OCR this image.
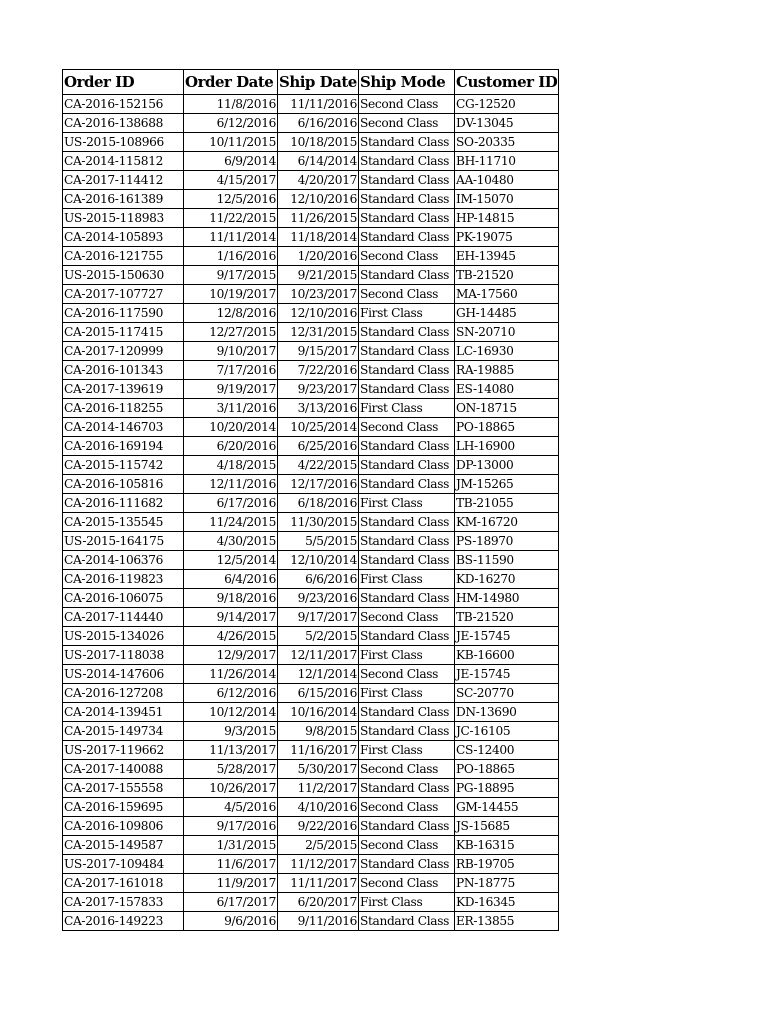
Order ID	Order Date	Ship Date	Ship Mode	Customer ID
CA-2016-152156	11/8/2016	11/11/2016	Second Class	CG-12520
CA-2016-138688	6/12/2016	6/16/2016	Second Class	DV-13045
US-2015-108966	10/11/2015	10/18/2015	Standard Class	SO-20335
CA-2014-115812	6/9/2014	6/14/2014	Standard Class	BH-11710
CA-2017-114412	4/15/2017	4/20/2017	Standard Class	AA-10480
CA-2016-161389	12/5/2016	12/10/2016	Standard Class	IM-15070
US-2015-118983	11/22/2015	11/26/2015	Standard Class	HP-14815
CA-2014-105893	11/11/2014	11/18/2014	Standard Class	PK-19075
CA-2016-121755	1/16/2016	1/20/2016	Second Class	EH-13945
US-2015-150630	9/17/2015	9/21/2015	Standard Class	TB-21520
CA-2017-107727	10/19/2017	10/23/2017	Second Class	MA-17560
CA-2016-117590	12/8/2016	12/10/2016	First Class	GH-14485
CA-2015-117415	12/27/2015	12/31/2015	Standard Class	SN-20710
CA-2017-120999	9/10/2017	9/15/2017	Standard Class	LC-16930
CA-2016-101343	7/17/2016	7/22/2016	Standard Class	RA-19885
CA-2017-139619	9/19/2017	9/23/2017	Standard Class	ES-14080
CA-2016-118255	3/11/2016	3/13/2016	First Class	ON-18715
CA-2014-146703	10/20/2014	10/25/2014	Second Class	PO-18865
CA-2016-169194	6/20/2016	6/25/2016	Standard Class	LH-16900
CA-2015-115742	4/18/2015	4/22/2015	Standard Class	DP-13000
CA-2016-105816	12/11/2016	12/17/2016	Standard Class	JM-15265
CA-2016-111682	6/17/2016	6/18/2016	First Class	TB-21055
CA-2015-135545	11/24/2015	11/30/2015	Standard Class	KM-16720
US-2015-164175	4/30/2015	5/5/2015	Standard Class	PS-18970
CA-2014-106376	12/5/2014	12/10/2014	Standard Class	BS-11590
CA-2016-119823	6/4/2016	6/6/2016	First Class	KD-16270
CA-2016-106075	9/18/2016	9/23/2016	Standard Class	HM-14980
CA-2017-114440	9/14/2017	9/17/2017	Second Class	TB-21520
US-2015-134026	4/26/2015	5/2/2015	Standard Class	JE-15745
US-2017-118038	12/9/2017	12/11/2017	First Class	KB-16600
US-2014-147606	11/26/2014	12/1/2014	Second Class	JE-15745
CA-2016-127208	6/12/2016	6/15/2016	First Class	SC-20770
CA-2014-139451	10/12/2014	10/16/2014	Standard Class	DN-13690
CA-2015-149734	9/3/2015	9/8/2015	Standard Class	JC-16105
US-2017-119662	11/13/2017	11/16/2017	First Class	CS-12400
CA-2017-140088	5/28/2017	5/30/2017	Second Class	PO-18865
CA-2017-155558	10/26/2017	11/2/2017	Standard Class	PG-18895
CA-2016-159695	4/5/2016	4/10/2016	Second Class	GM-14455
CA-2016-109806	9/17/2016	9/22/2016	Standard Class	JS-15685
CA-2015-149587	1/31/2015	2/5/2015	Second Class	KB-16315
US-2017-109484	11/6/2017	11/12/2017	Standard Class	RB-19705
CA-2017-161018	11/9/2017	11/11/2017	Second Class	PN-18775
CA-2017-157833	6/17/2017	6/20/2017	First Class	KD-16345
CA-2016-149223	9/6/2016	9/11/2016	Standard Class	ER-13855
